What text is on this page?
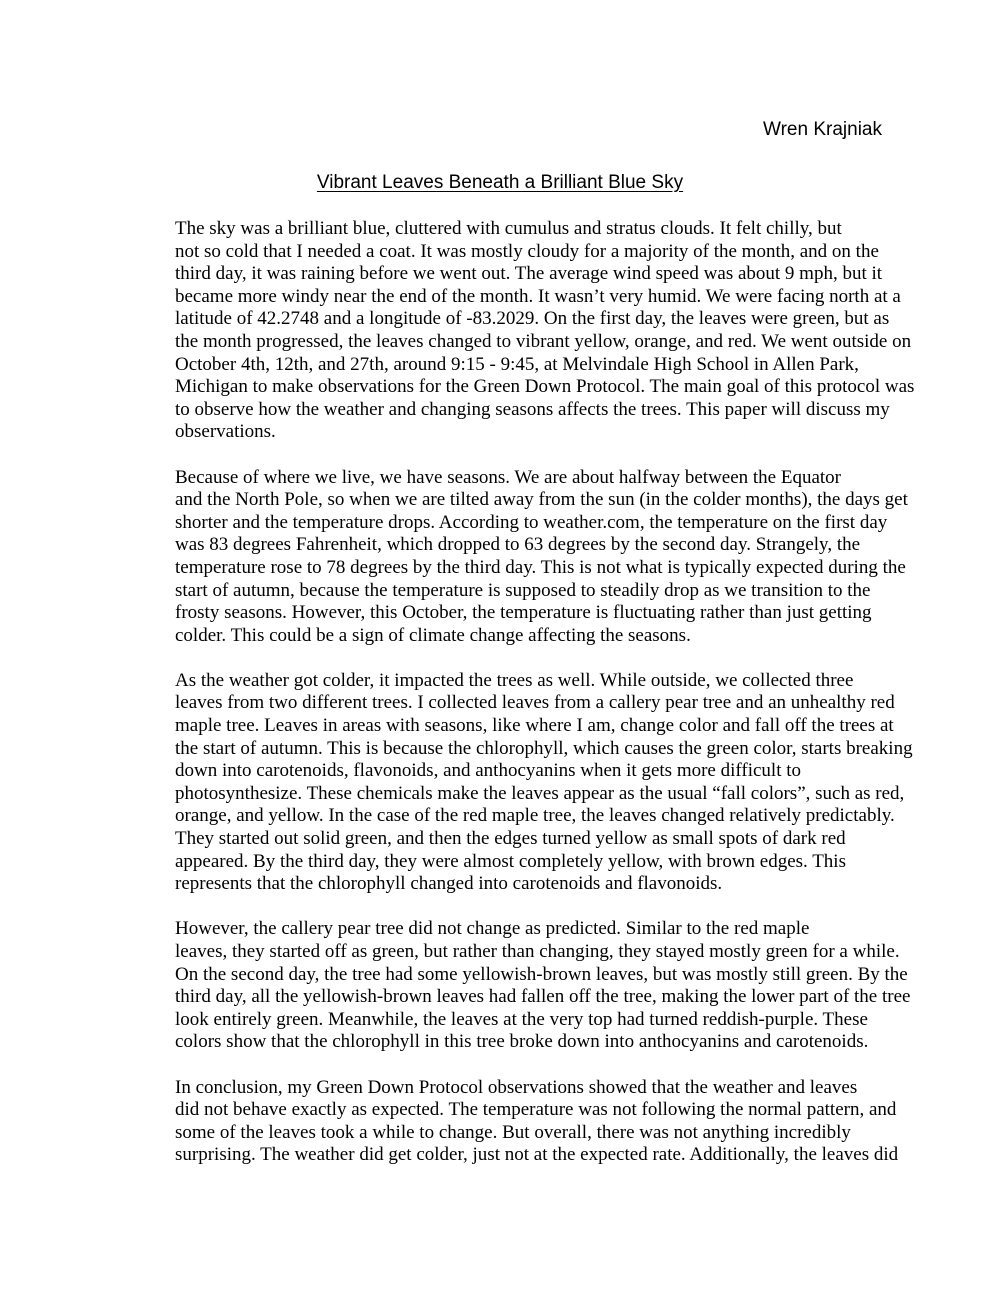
Wren Krajniak
Vibrant Leaves Beneath a Brilliant Blue Sky

The sky was a brilliant blue, cluttered with cumulus and stratus clouds. It felt chilly, but
not so cold that I needed a coat. It was mostly cloudy for a majority of the month, and on the
third day, it was raining before we went out. The average wind speed was about 9 mph, but it
became more windy near the end of the month. It wasn’t very humid. We were facing north at a
latitude of 42.2748 and a longitude of -83.2029. On the first day, the leaves were green, but as
the month progressed, the leaves changed to vibrant yellow, orange, and red. We went outside on
October 4th, 12th, and 27th, around 9:15 - 9:45, at Melvindale High School in Allen Park,
Michigan to make observations for the Green Down Protocol. The main goal of this protocol was
to observe how the weather and changing seasons affects the trees. This paper will discuss my
observations.

Because of where we live, we have seasons. We are about halfway between the Equator
and the North Pole, so when we are tilted away from the sun (in the colder months), the days get
shorter and the temperature drops. According to weather.com, the temperature on the first day
was 83 degrees Fahrenheit, which dropped to 63 degrees by the second day. Strangely, the
temperature rose to 78 degrees by the third day. This is not what is typically expected during the
start of autumn, because the temperature is supposed to steadily drop as we transition to the
frosty seasons. However, this October, the temperature is fluctuating rather than just getting
colder. This could be a sign of climate change affecting the seasons.

As the weather got colder, it impacted the trees as well. While outside, we collected three
leaves from two different trees. I collected leaves from a callery pear tree and an unhealthy red
maple tree. Leaves in areas with seasons, like where I am, change color and fall off the trees at
the start of autumn. This is because the chlorophyll, which causes the green color, starts breaking
down into carotenoids, flavonoids, and anthocyanins when it gets more difficult to
photosynthesize. These chemicals make the leaves appear as the usual “fall colors”, such as red,
orange, and yellow. In the case of the red maple tree, the leaves changed relatively predictably.
They started out solid green, and then the edges turned yellow as small spots of dark red
appeared. By the third day, they were almost completely yellow, with brown edges. This
represents that the chlorophyll changed into carotenoids and flavonoids.

However, the callery pear tree did not change as predicted. Similar to the red maple
leaves, they started off as green, but rather than changing, they stayed mostly green for a while.
On the second day, the tree had some yellowish-brown leaves, but was mostly still green. By the
third day, all the yellowish-brown leaves had fallen off the tree, making the lower part of the tree
look entirely green. Meanwhile, the leaves at the very top had turned reddish-purple. These
colors show that the chlorophyll in this tree broke down into anthocyanins and carotenoids.

In conclusion, my Green Down Protocol observations showed that the weather and leaves
did not behave exactly as expected. The temperature was not following the normal pattern, and
some of the leaves took a while to change. But overall, there was not anything incredibly
surprising. The weather did get colder, just not at the expected rate. Additionally, the leaves did
